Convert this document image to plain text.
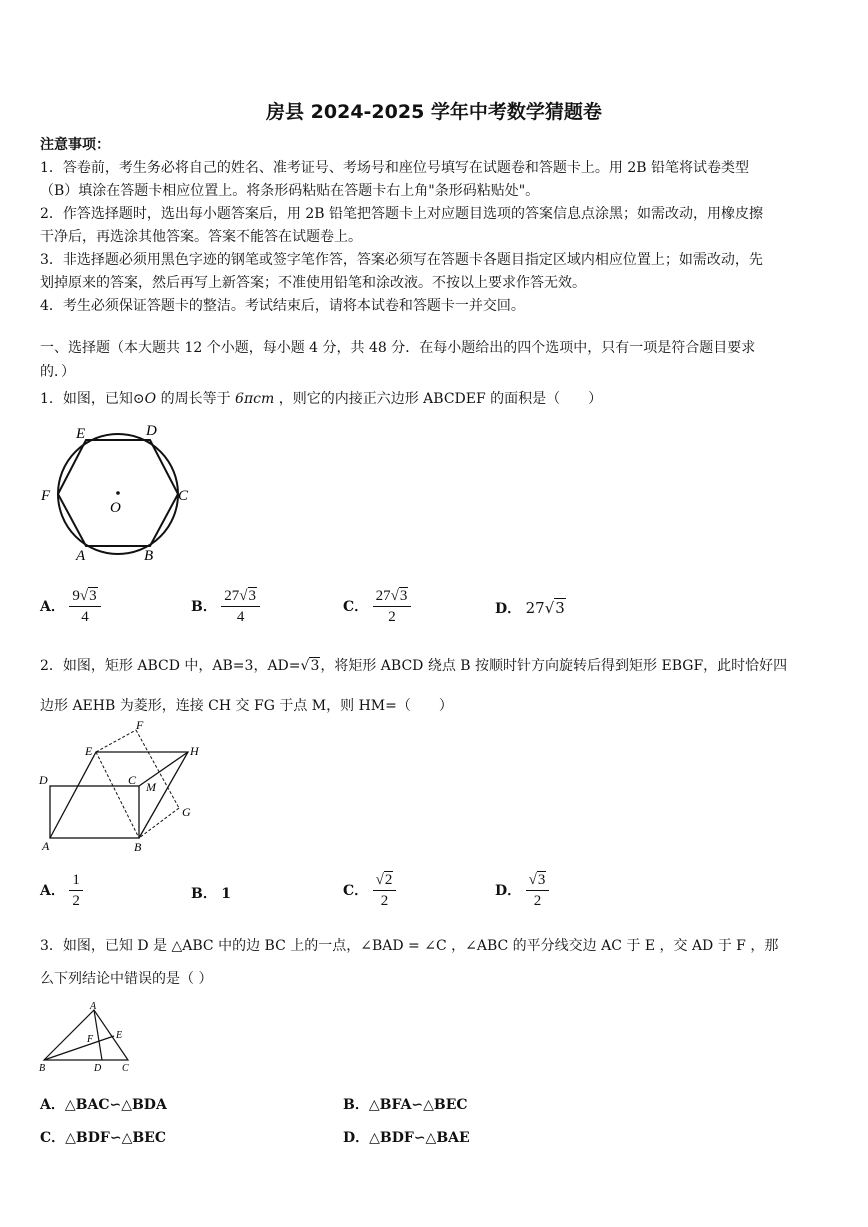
房县 2024-2025 学年中考数学猜题卷
注意事项：
1．答卷前，考生务必将自己的姓名、准考证号、考场号和座位号填写在试题卷和答题卡上。用 2B 铅笔将试卷类型
（B）填涂在答题卡相应位置上。将条形码粘贴在答题卡右上角"条形码粘贴处"。
2．作答选择题时，选出每小题答案后，用 2B 铅笔把答题卡上对应题目选项的答案信息点涂黑；如需改动，用橡皮擦
干净后，再选涂其他答案。答案不能答在试题卷上。
3．非选择题必须用黑色字迹的钢笔或签字笔作答，答案必须写在答题卡各题目指定区域内相应位置上；如需改动，先
划掉原来的答案，然后再写上新答案；不准使用铅笔和涂改液。不按以上要求作答无效。
4．考生必须保证答题卡的整洁。考试结束后，请将本试卷和答题卡一并交回。
一、选择题（本大题共 12 个小题，每小题 4 分，共 48 分．在每小题给出的四个选项中，只有一项是符合题目要求
的．）
1．如图，已知⊙O 的周长等于 6πcm ，则它的内接正六边形 ABCDEF 的面积是（　　）
E	D
F	C
O
A	B
A． $\frac{9√3}{4}$	B． $\frac{27√3}{4}$	C． $\frac{27√3}{2}$	D． 27√3
2．如图，矩形 ABCD 中，AB=3，AD=√3，将矩形 ABCD 绕点 B 按顺时针方向旋转后得到矩形 EBGF，此时恰好四
边形 AEHB 为菱形，连接 CH 交 FG 于点 M，则 HM=（　　）
F
E	H
D	C M
G
A	B
A． $\frac{1}{2}$	B． 1	C． $\frac{√2}{2}$	D． $\frac{√3}{2}$
3．如图，已知 D 是 △ABC 中的边 BC 上的一点，∠BAD = ∠C ，∠ABC 的平分线交边 AC 于 E ，交 AD 于 F ，那
么下列结论中错误的是（ ）
A
E
F
B	D C
A．△BAC∽△BDA	B．△BFA∽△BEC
C．△BDF∽△BEC	D．△BDF∽△BAE
